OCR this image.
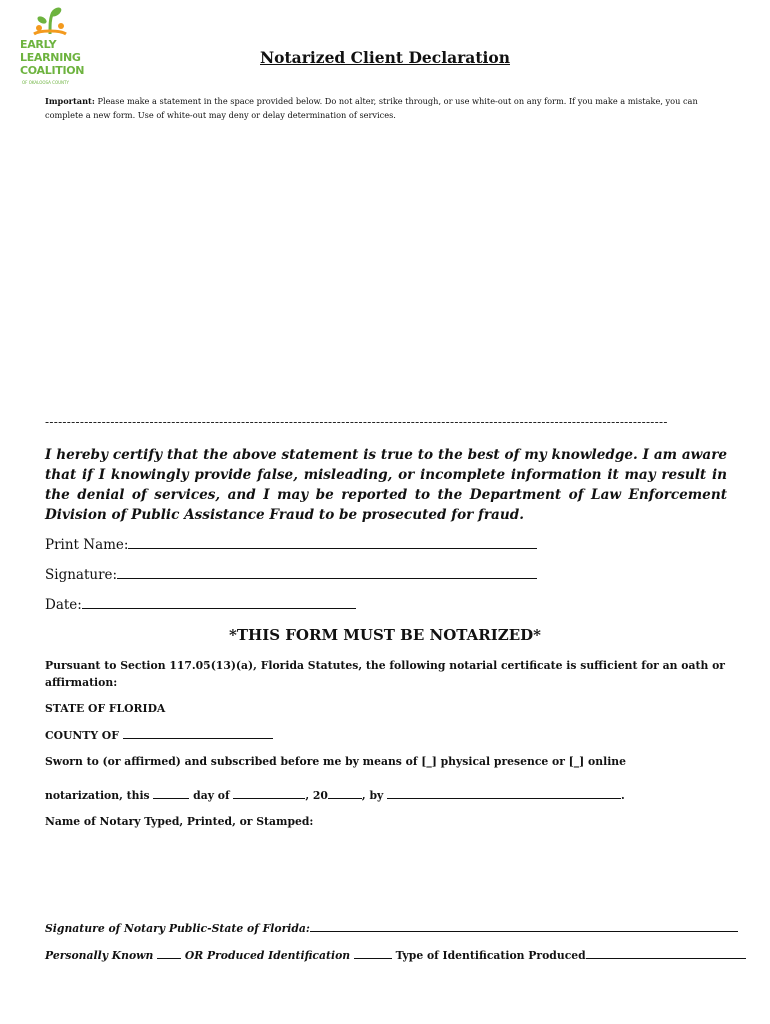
EARLY
LEARNING
COALITION
OF OKALOOSA COUNTY
Notarized Client Declaration
Important: Please make a statement in the space provided below. Do not alter, strike through, or use white-out on any form. If you make a mistake, you can complete a new form. Use of white-out may deny or delay determination of services.
-----------------------------------------------------------------------------------------------------------------------------------------------
I hereby certify that the above statement is true to the best of my knowledge. I am aware that if I knowingly provide false, misleading, or incomplete information it may result in the denial of services, and I may be reported to the Department of Law Enforcement Division of Public Assistance Fraud to be prosecuted for fraud.
Print Name:
Signature:
Date:
*THIS FORM MUST BE NOTARIZED*
Pursuant to Section 117.05(13)(a), Florida Statutes, the following notarial certificate is sufficient for an oath or affirmation:
STATE OF FLORIDA
COUNTY OF
Sworn to (or affirmed) and subscribed before me by means of [_] physical presence or [_] online
notarization, this	day of	, 20	, by	.
Name of Notary Typed, Printed, or Stamped:
Signature of Notary Public-State of Florida:
Personally Known	OR Produced Identification	Type of Identification Produced
